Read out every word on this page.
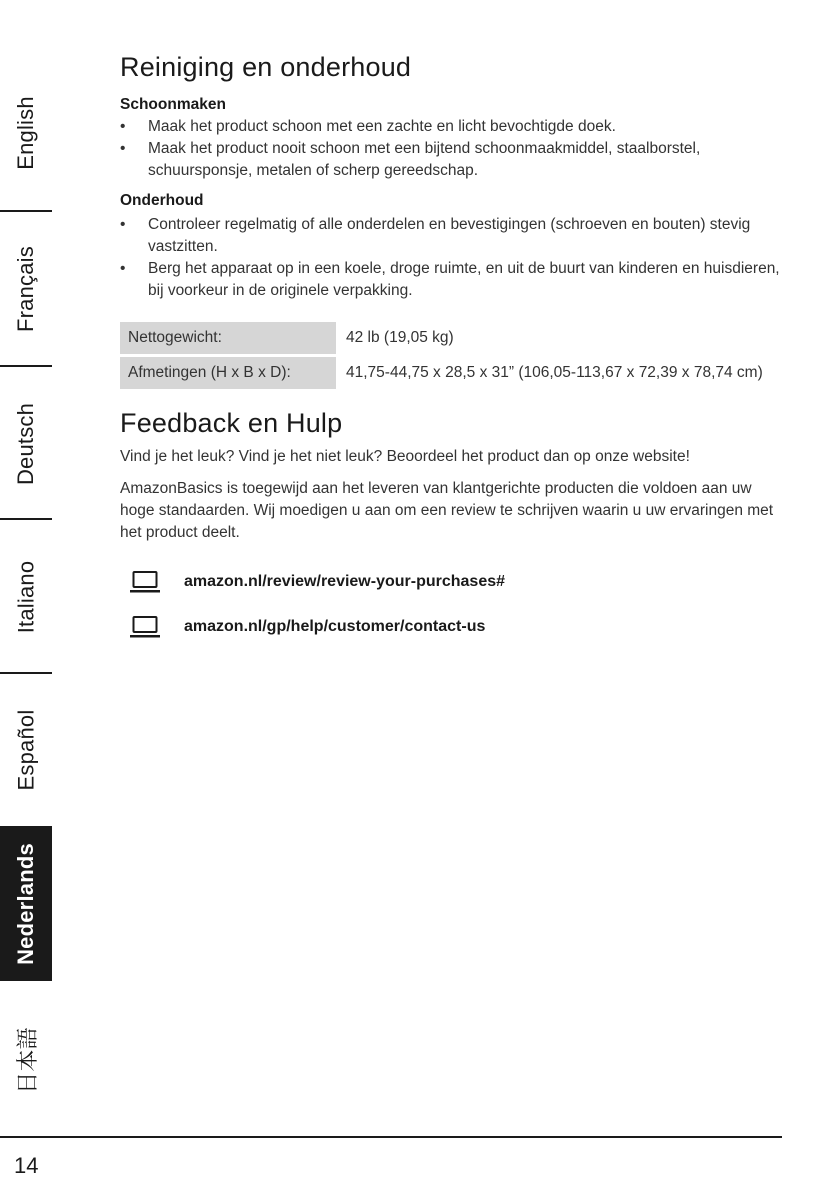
English
Français
Deutsch
Italiano
Español
Nederlands
日本語
Reiniging en onderhoud
Schoonmaken
• Maak het product schoon met een zachte en licht bevochtigde doek.
• Maak het product nooit schoon met een bijtend schoonmaakmiddel, staalborstel, schuursponsje, metalen of scherp gereedschap.
Onderhoud
• Controleer regelmatig of alle onderdelen en bevestigingen (schroeven en bouten) stevig vastzitten.
• Berg het apparaat op in een koele, droge ruimte, en uit de buurt van kinderen en huisdieren, bij voorkeur in de originele verpakking.
Nettogewicht:	42 lb (19,05 kg)
Afmetingen (H x B x D):	41,75-44,75 x 28,5 x 31” (106,05-113,67 x 72,39 x 78,74 cm)
Feedback en Hulp

Vind je het leuk? Vind je het niet leuk? Beoordeel het product dan op onze website!

AmazonBasics is toegewijd aan het leveren van klantgerichte producten die voldoen aan uw hoge standaarden. Wij moedigen u aan om een review te schrijven waarin u uw ervaringen met het product deelt.

amazon.nl/review/review-your-purchases#
amazon.nl/gp/help/customer/contact-us
14
